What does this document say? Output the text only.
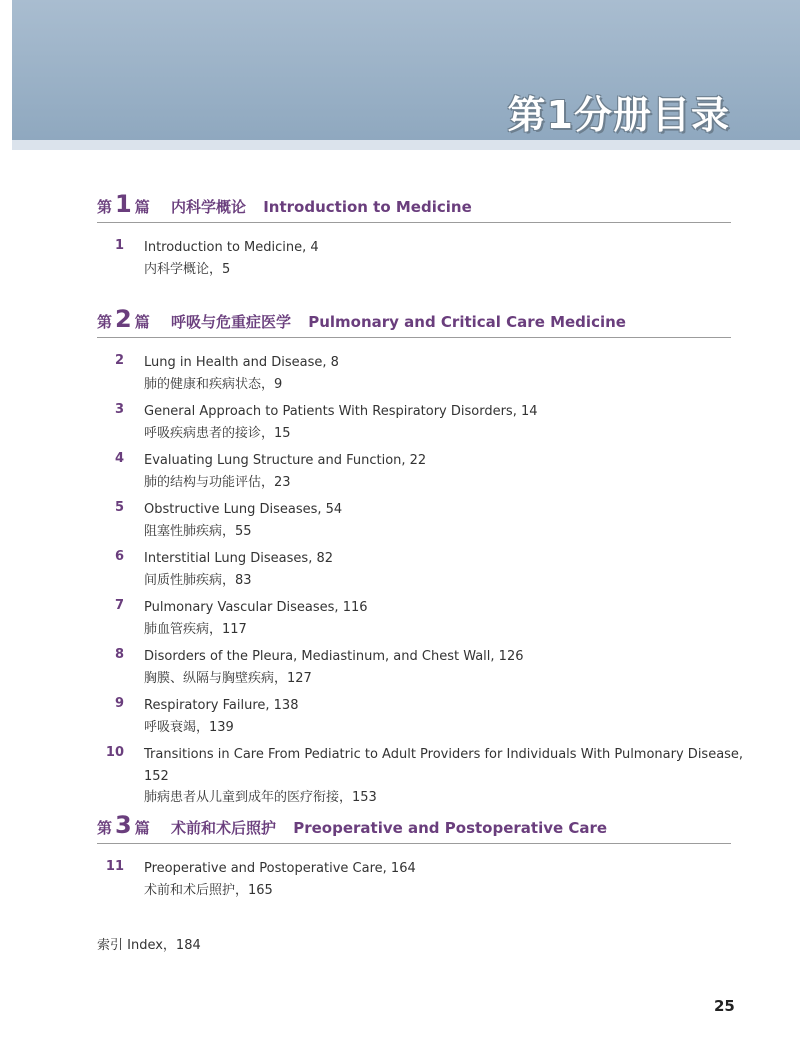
第1分册目录
第 1 篇 内科学概论 Introduction to Medicine
1 Introduction to Medicine, 4
内科学概论，5
第 2 篇 呼吸与危重症医学 Pulmonary and Critical Care Medicine
2 Lung in Health and Disease, 8
肺的健康和疾病状态，9
3 General Approach to Patients With Respiratory Disorders, 14
呼吸疾病患者的接诊，15
4 Evaluating Lung Structure and Function, 22
肺的结构与功能评估，23
5 Obstructive Lung Diseases, 54
阻塞性肺疾病，55
6 Interstitial Lung Diseases, 82
间质性肺疾病，83
7 Pulmonary Vascular Diseases, 116
肺血管疾病，117
8 Disorders of the Pleura, Mediastinum, and Chest Wall, 126
胸膜、纵隔与胸壁疾病，127
9 Respiratory Failure, 138
呼吸衰竭，139
10 Transitions in Care From Pediatric to Adult Providers for Individuals With Pulmonary Disease, 152
肺病患者从儿童到成年的医疗衔接，153
第 3 篇 术前和术后照护 Preoperative and Postoperative Care
11 Preoperative and Postoperative Care, 164
术前和术后照护，165
索引 Index，184
25
